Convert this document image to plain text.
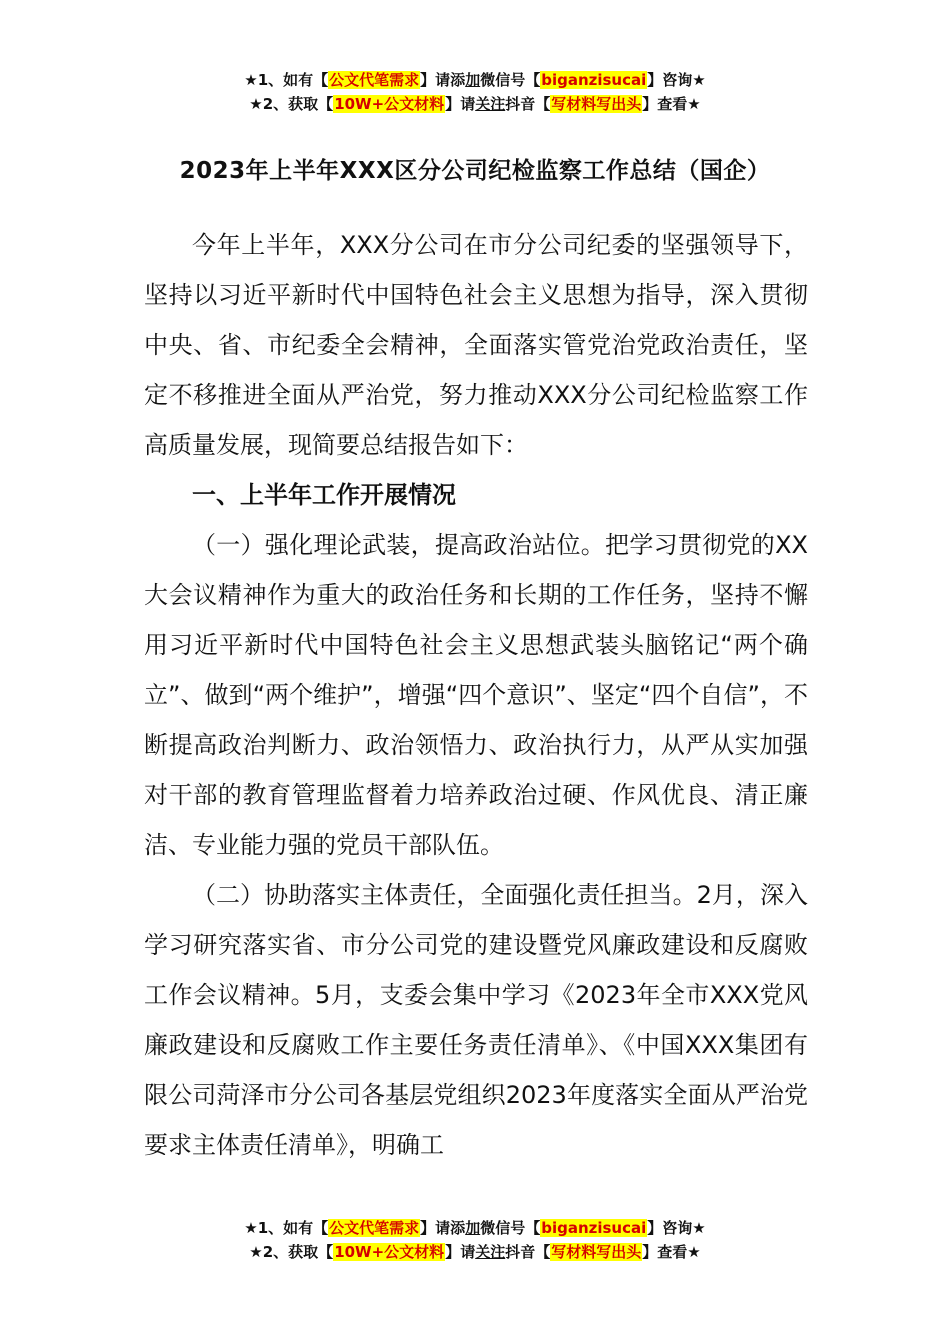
★1、如有【公文代笔需求】请添加微信号【biganzisucai】咨询★
★2、获取【10W+公文材料】请关注抖音【写材料写出头】查看★
2023年上半年XXX区分公司纪检监察工作总结（国企）

今年上半年，XXX分公司在市分公司纪委的坚强领导下，坚持以习近平新时代中国特色社会主义思想为指导，深入贯彻中央、省、市纪委全会精神，全面落实管党治党政治责任，坚定不移推进全面从严治党，努力推动XXX分公司纪检监察工作高质量发展，现简要总结报告如下：

一、上半年工作开展情况

（一）强化理论武装，提高政治站位。把学习贯彻党的XX大会议精神作为重大的政治任务和长期的工作任务，坚持不懈用习近平新时代中国特色社会主义思想武装头脑铭记“两个确立”、做到“两个维护”，增强“四个意识”、坚定“四个自信”，不断提高政治判断力、政治领悟力、政治执行力，从严从实加强对干部的教育管理监督着力培养政治过硬、作风优良、清正廉洁、专业能力强的党员干部队伍。

（二）协助落实主体责任，全面强化责任担当。2月，深入学习研究落实省、市分公司党的建设暨党风廉政建设和反腐败工作会议精神。5月，支委会集中学习《2023年全市XXX党风廉政建设和反腐败工作主要任务责任清单》、《中国XXX集团有限公司菏泽市分公司各基层党组织2023年度落实全面从严治党要求主体责任清单》，明确工

★1、如有【公文代笔需求】请添加微信号【biganzisucai】咨询★
★2、获取【10W+公文材料】请关注抖音【写材料写出头】查看★
